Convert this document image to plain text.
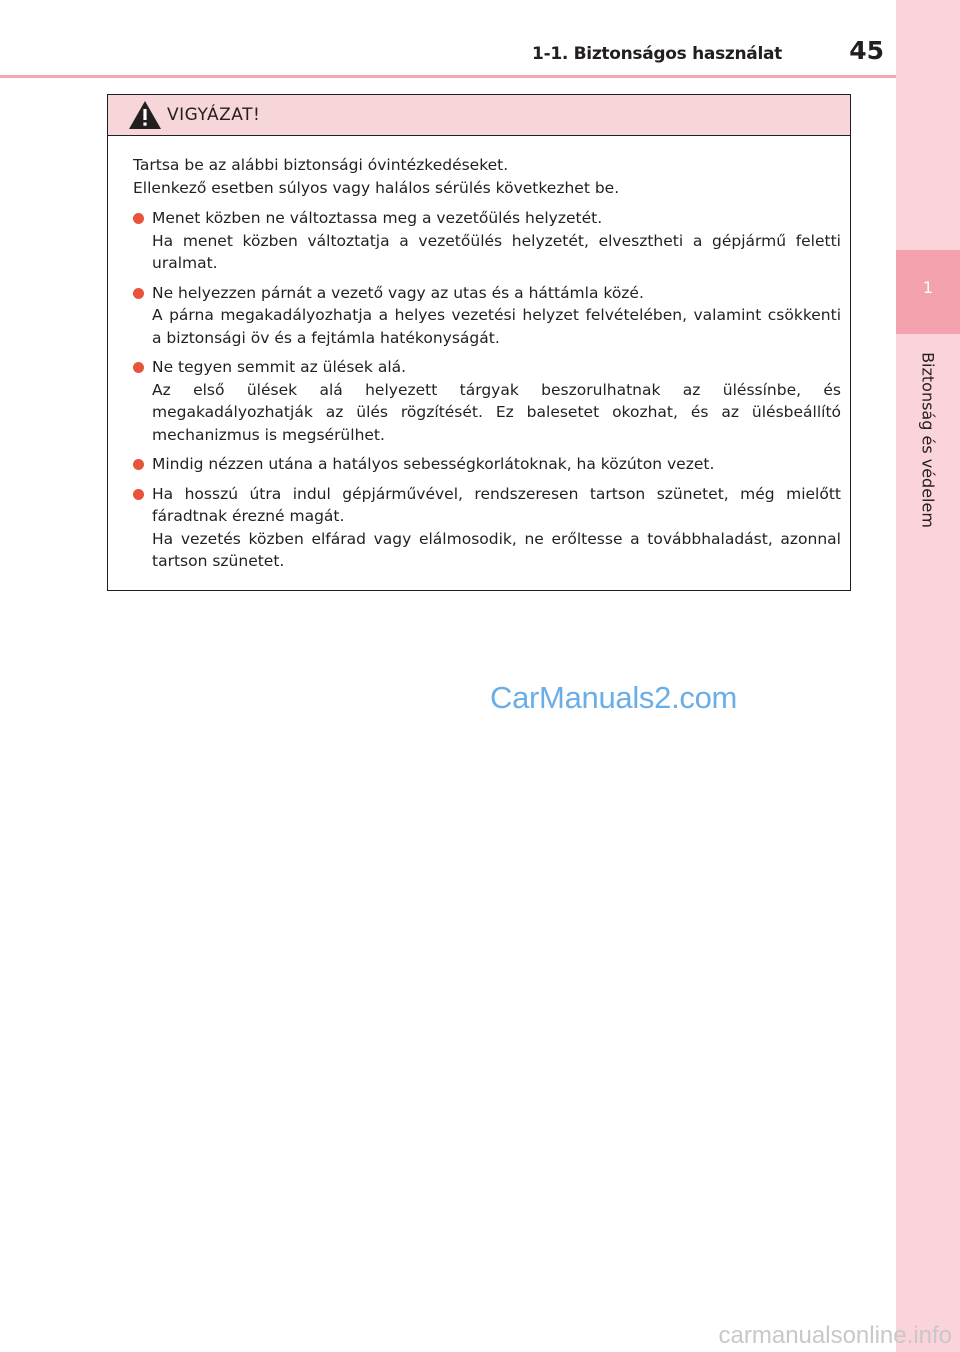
1-1. Biztonságos használat	45
1
Biztonság és védelem
VIGYÁZAT!
Tartsa be az alábbi biztonsági óvintézkedéseket.
Ellenkező esetben súlyos vagy halálos sérülés következhet be.
Menet közben ne változtassa meg a vezetőülés helyzetét.
Ha menet közben változtatja a vezetőülés helyzetét, elvesztheti a gépjármű feletti uralmat.
Ne helyezzen párnát a vezető vagy az utas és a háttámla közé.
A párna megakadályozhatja a helyes vezetési helyzet felvételében, valamint csökkenti a biztonsági öv és a fejtámla hatékonyságát.
Ne tegyen semmit az ülések alá.
Az első ülések alá helyezett tárgyak beszorulhatnak az üléssínbe, és megakadályozhatják az ülés rögzítését. Ez balesetet okozhat, és az ülésbeállító mechanizmus is megsérülhet.
Mindig nézzen utána a hatályos sebességkorlátoknak, ha közúton vezet.
Ha hosszú útra indul gépjárművével, rendszeresen tartson szünetet, még mielőtt fáradtnak érezné magát.
Ha vezetés közben elfárad vagy elálmosodik, ne erőltesse a továbbhaladást, azonnal tartson szünetet.
CarManuals2.com
carmanualsonline.info
